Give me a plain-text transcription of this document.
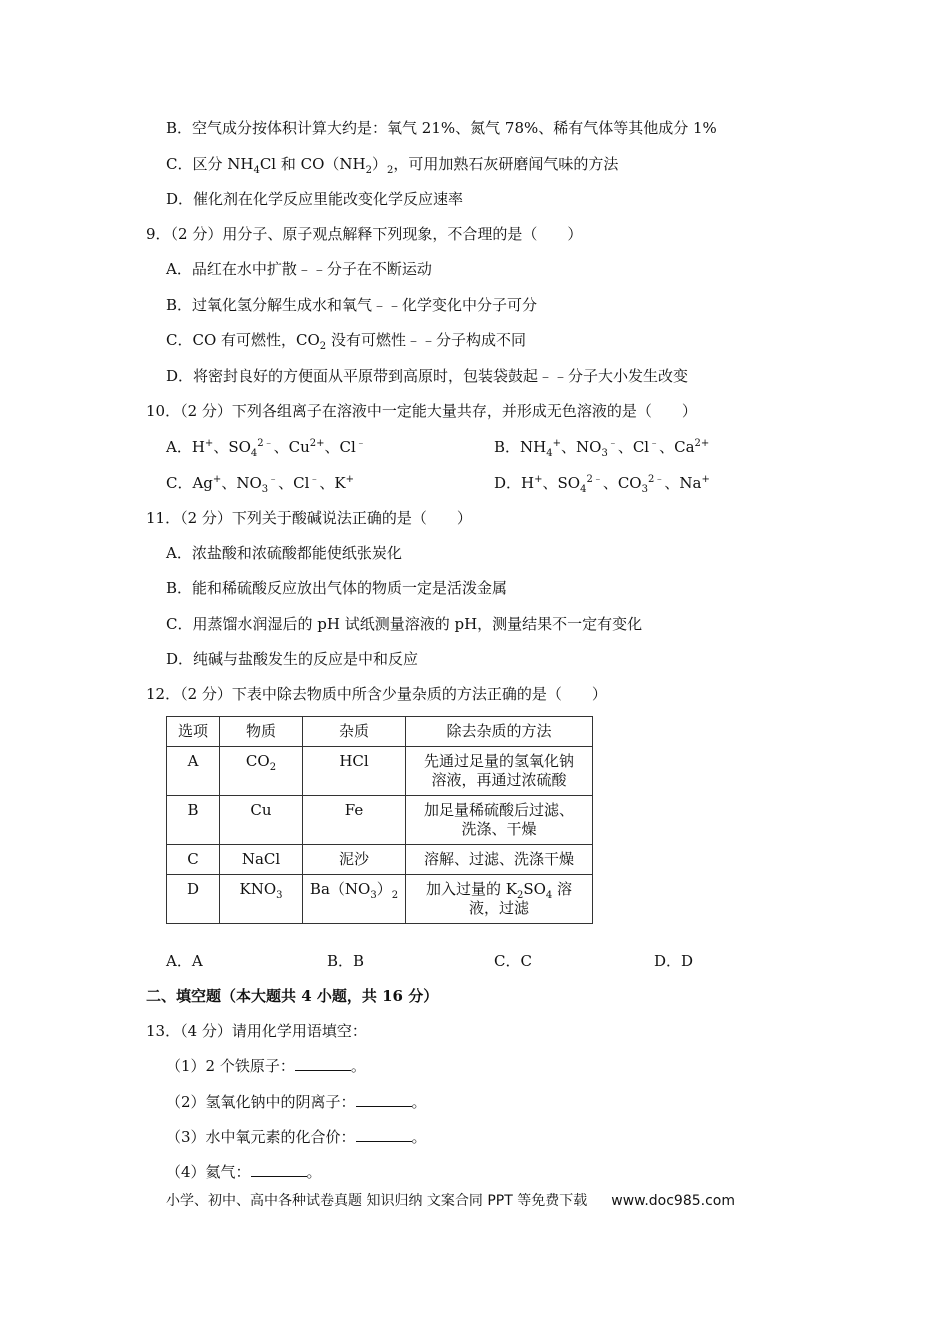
B．空气成分按体积计算大约是：氧气 21%、氮气 78%、稀有气体等其他成分 1%
C．区分 $NH_4Cl$ 和 $CO(NH_2)_2$，可用加熟石灰研磨闻气味的方法
D．催化剂在化学反应里能改变化学反应速率
9．（2 分）用分子、原子观点解释下列现象，不合理的是（　　）
A．品红在水中扩散﹣﹣分子在不断运动
B．过氧化氢分解生成水和氧气﹣﹣化学变化中分子可分
C．CO 有可燃性，$CO_2$ 没有可燃性﹣﹣分子构成不同
D．将密封良好的方便面从平原带到高原时，包装袋鼓起﹣﹣分子大小发生改变
10．（2 分）下列各组离子在溶液中一定能大量共存，并形成无色溶液的是（　　）
A．H+、$SO_4^{2﹣}$、$Cu^{2+}$、Cl﹣	B．$NH_4^+$、$NO_3^﹣$、Cl﹣、$Ca^{2+}$
C．Ag+、$NO_3^﹣$、Cl﹣、K+	D．H+、$SO_4^{2﹣}$、$CO_3^{2﹣}$、Na+
11．（2 分）下列关于酸碱说法正确的是（　　）
A．浓盐酸和浓硫酸都能使纸张炭化
B．能和稀硫酸反应放出气体的物质一定是活泼金属
C．用蒸馏水润湿后的 pH 试纸测量溶液的 pH，测量结果不一定有变化
D．纯碱与盐酸发生的反应是中和反应
12．（2 分）下表中除去物质中所含少量杂质的方法正确的是（　　）
选项	物质	杂质	除去杂质的方法
A	$CO_2$	HCl	先通过足量的氢氧化钠
溶液，再通过浓硫酸

B	Cu	Fe	加足量稀硫酸后过滤、
洗涤、干燥

C	NaCl	泥沙	溶解、过滤、洗涤干燥
D	$KNO_3$	$Ba(NO_3)_2$	加入过量的 $K_2SO_4$ 溶
液，过滤
A．A	B．B	C．C	D．D
二、填空题（本大题共 4 小题，共 16 分）
13．（4 分）请用化学用语填空：
（1）2 个铁原子：	。
（2）氢氧化钠中的阴离子：	。
（3）水中氧元素的化合价：	。
（4）氦气：	。
小学、初中、高中各种试卷真题 知识归纳 文案合同 PPT 等免费下载 www.doc985.com
